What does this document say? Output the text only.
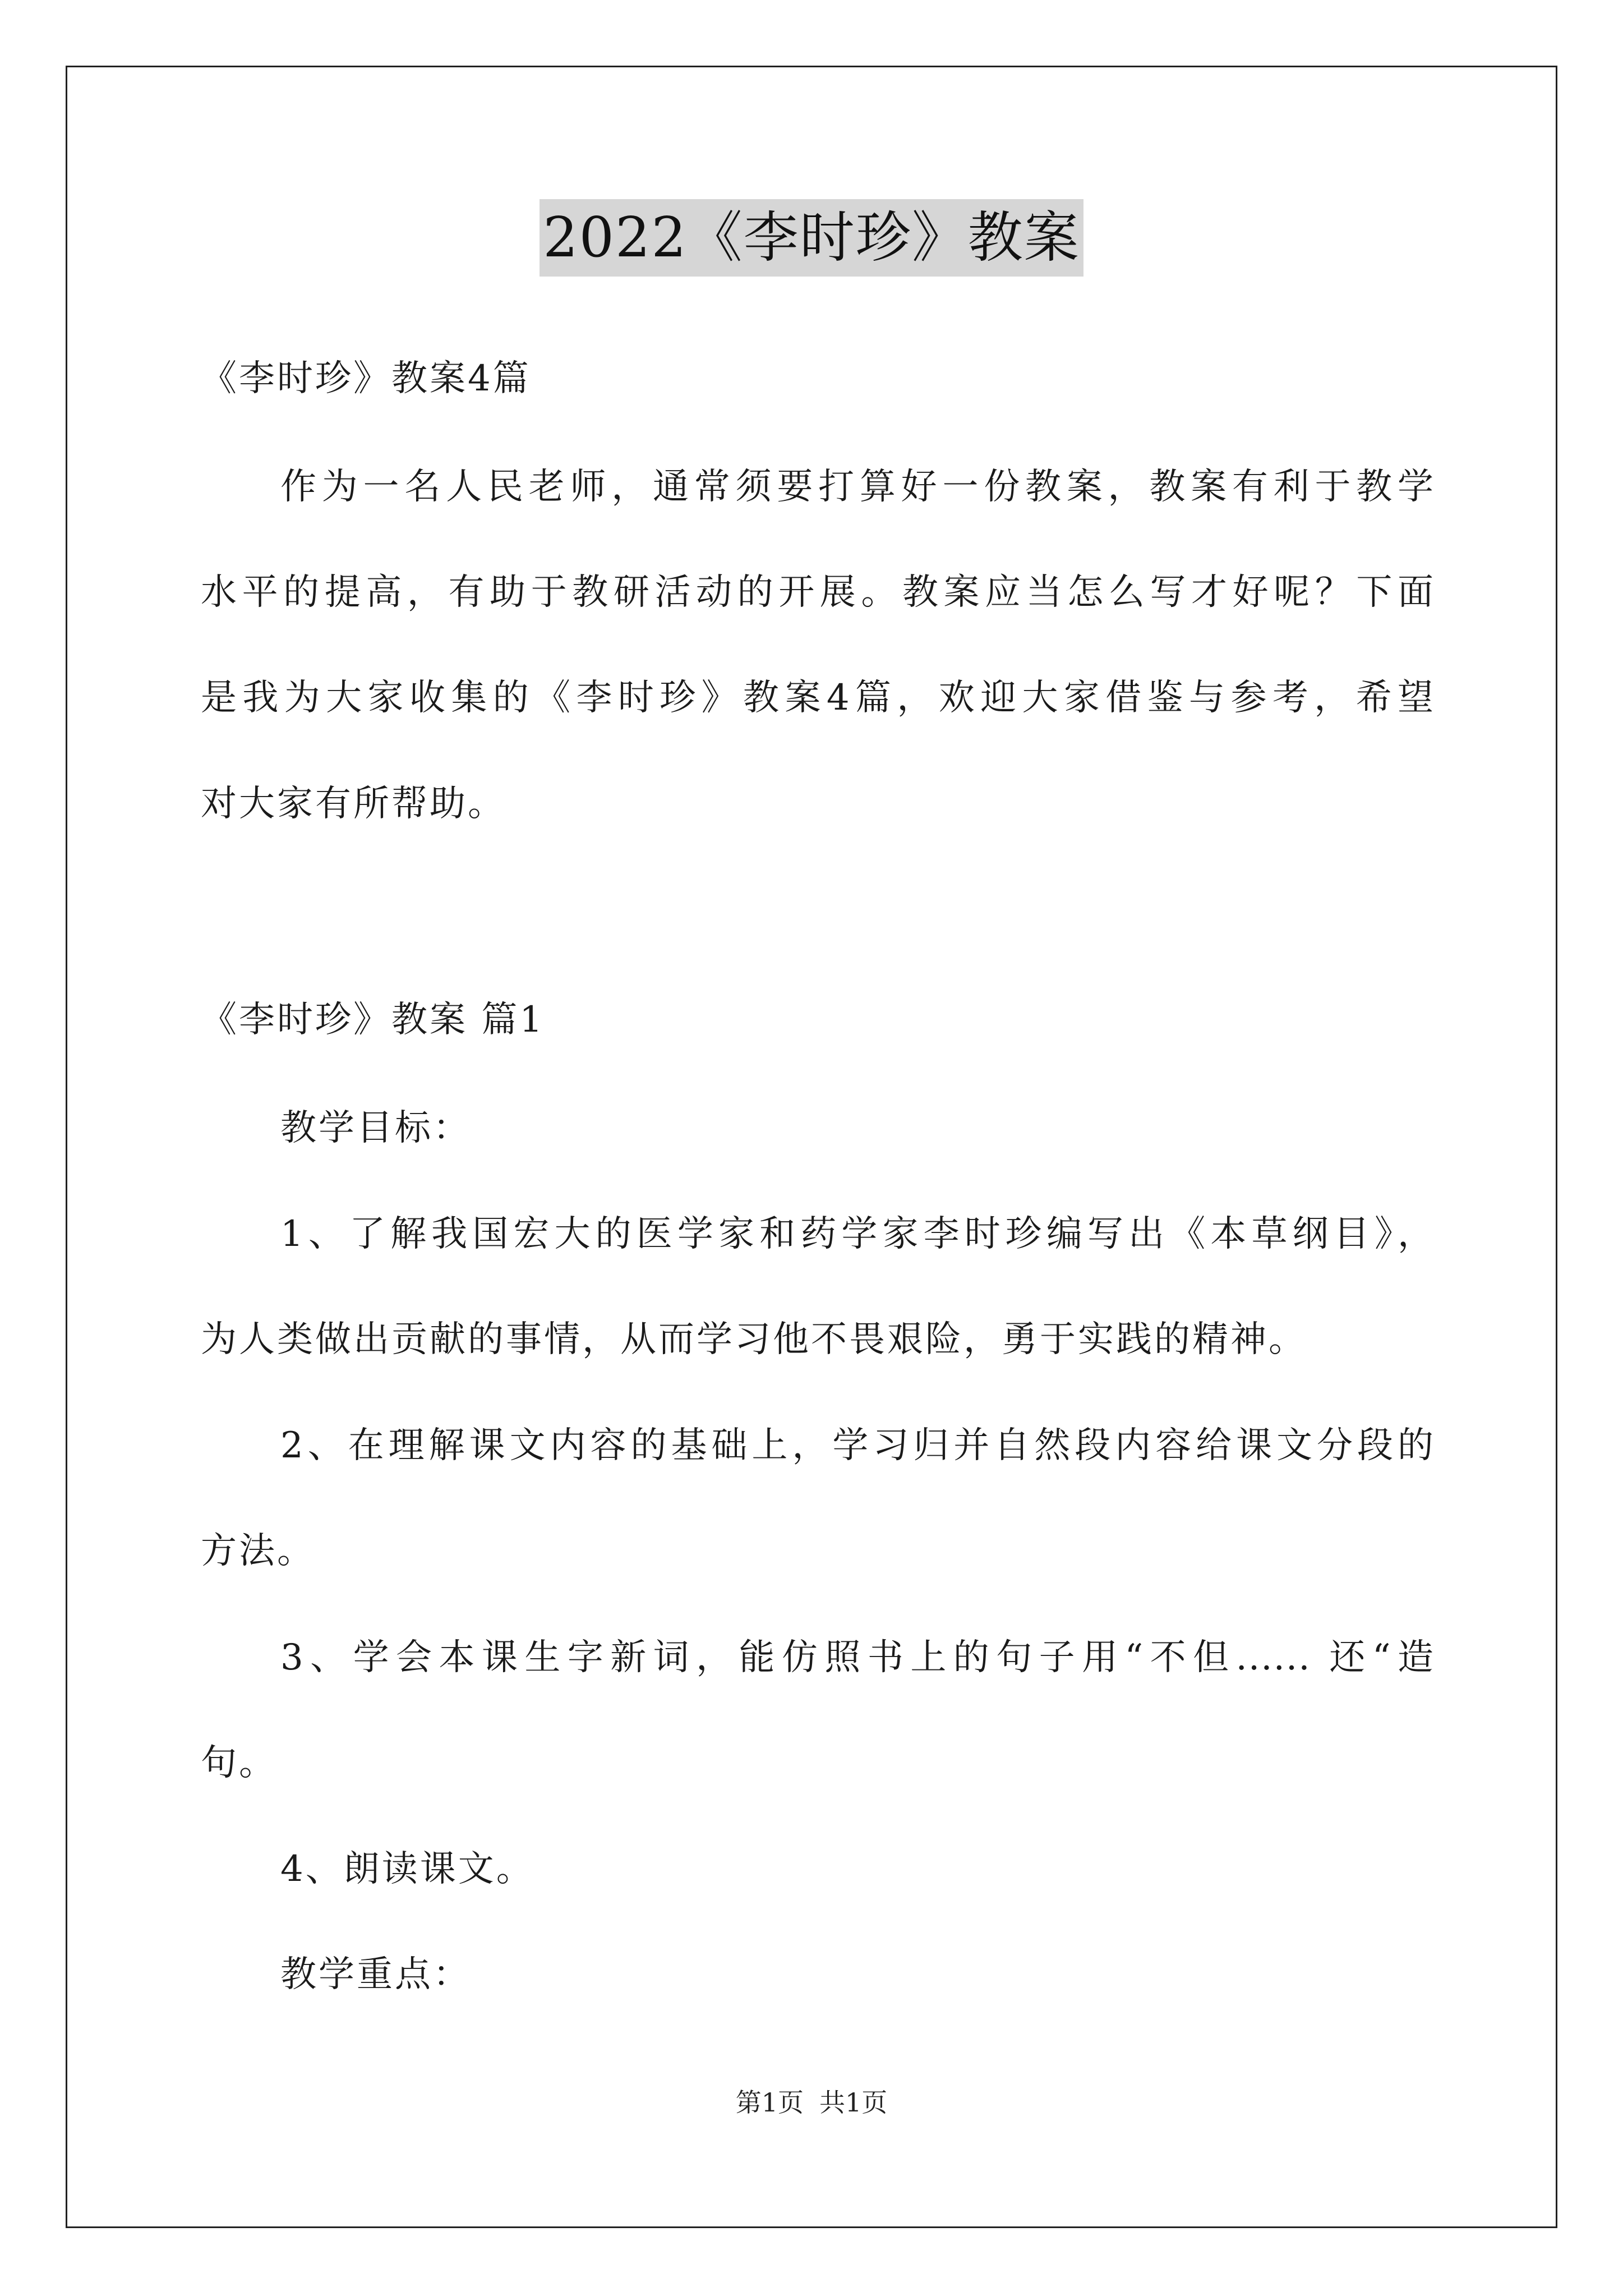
2022《李时珍》教案
《李时珍》教案4篇
作为一名人民老师，通常须要打算好一份教案，教案有利于教学
水平的提高，有助于教研活动的开展。教案应当怎么写才好呢？下面
是我为大家收集的《李时珍》教案4篇，欢迎大家借鉴与参考，希望
对大家有所帮助。
《李时珍》教案 篇1
教学目标：
1、了解我国宏大的医学家和药学家李时珍编写出《本草纲目》，
为人类做出贡献的事情，从而学习他不畏艰险，勇于实践的精神。
2、在理解课文内容的基础上，学习归并自然段内容给课文分段的
方法。
3、学会本课生字新词，能仿照书上的句子用“不但...... 还“造
句。
4、朗读课文。
教学重点：
第1页 共1页
